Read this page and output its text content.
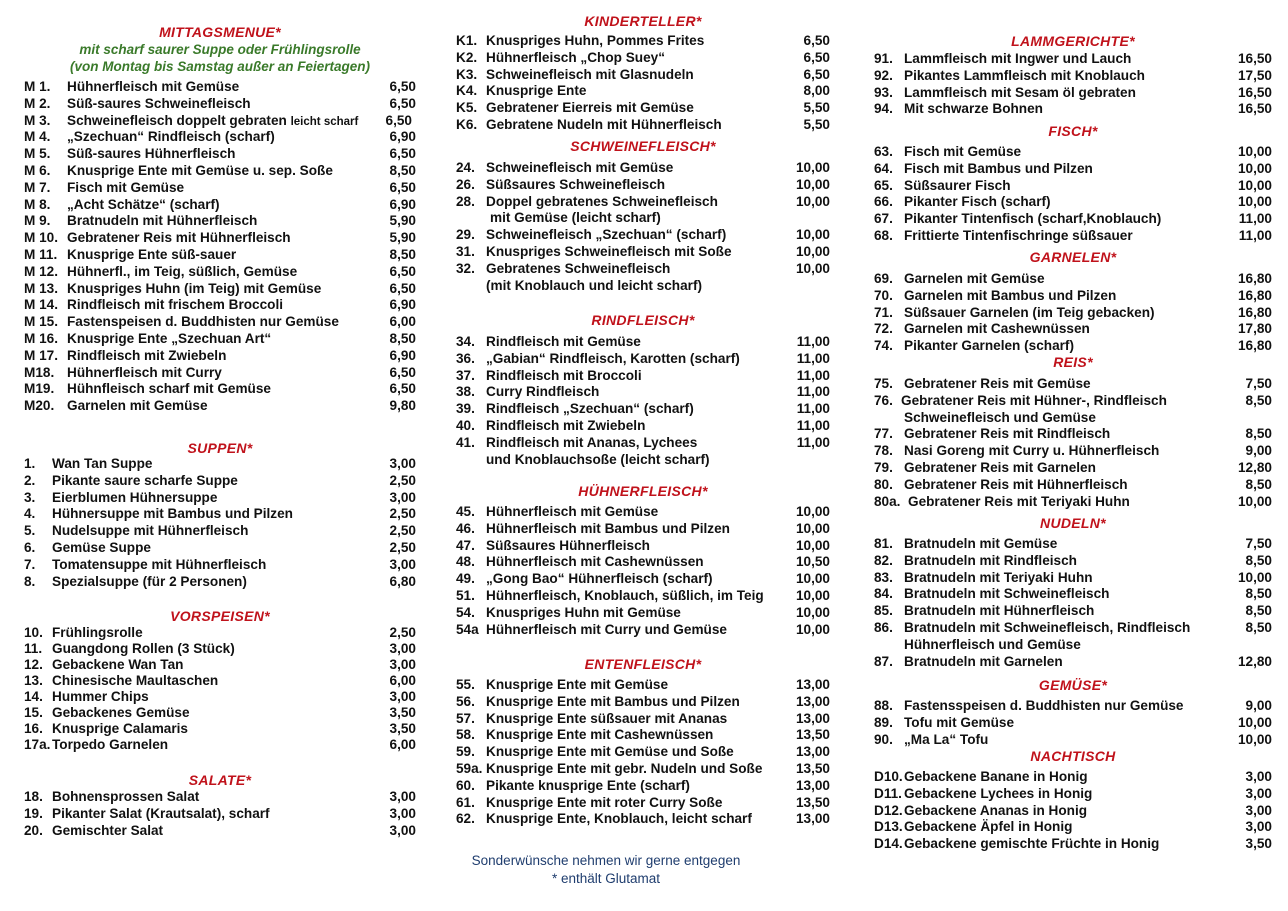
MITTAGSMENUE*
mit scharf saurer Suppe oder Frühlingsrolle
(von Montag bis Samstag außer an Feiertagen)
M 1. Hühnerfleisch mit Gemüse	6,50
M 2. Süß-saures Schweinefleisch	6,50
M 3. Schweinefleisch doppelt gebraten leicht scharf 6,50
M 4. „Szechuan“ Rindfleisch (scharf)	6,90
M 5. Süß-saures Hühnerfleisch	6,50
M 6. Knusprige Ente mit Gemüse u. sep. Soße	8,50
M 7. Fisch mit Gemüse	6,50
M 8. „Acht Schätze“ (scharf)	6,90
M 9. Bratnudeln mit Hühnerfleisch	5,90
M 10. Gebratener Reis mit Hühnerfleisch	5,90
M 11. Knusprige Ente süß-sauer	8,50
M 12. Hühnerfl., im Teig, süßlich, Gemüse	6,50
M 13. Knuspriges Huhn (im Teig) mit Gemüse	6,50
M 14. Rindfleisch mit frischem Broccoli	6,90
M 15. Fastenspeisen d. Buddhisten nur Gemüse	6,00
M 16. Knusprige Ente „Szechuan Art“	8,50
M 17. Rindfleisch mit Zwiebeln	6,90
M18. Hühnerfleisch mit Curry	6,50
M19. Hühnfleisch scharf mit Gemüse	6,50
M20. Garnelen mit Gemüse	9,80
SUPPEN*
1. Wan Tan Suppe	3,00
2. Pikante saure scharfe Suppe	2,50
3. Eierblumen Hühnersuppe	3,00
4. Hühnersuppe mit Bambus und Pilzen	2,50
5. Nudelsuppe mit Hühnerfleisch	2,50
6. Gemüse Suppe	2,50
7. Tomatensuppe mit Hühnerfleisch	3,00
8. Spezialsuppe (für 2 Personen)	6,80
VORSPEISEN*
10. Frühlingsrolle	2,50
11. Guangdong Rollen (3 Stück)	3,00
12. Gebackene Wan Tan	3,00
13. Chinesische Maultaschen	6,00
14. Hummer Chips	3,00
15. Gebackenes Gemüse	3,50
16. Knusprige Calamaris	3,50
17a. Torpedo Garnelen	6,00
SALATE*
18. Bohnensprossen Salat	3,00
19. Pikanter Salat (Krautsalat), scharf	3,00
20. Gemischter Salat	3,00
KINDERTELLER*
K1. Knuspriges Huhn, Pommes Frites	6,50
K2. Hühnerfleisch „Chop Suey“	6,50
K3. Schweinefleisch mit Glasnudeln	6,50
K4. Knusprige Ente	8,00
K5. Gebratener Eierreis mit Gemüse	5,50
K6. Gebratene Nudeln mit Hühnerfleisch	5,50
SCHWEINEFLEISCH*
24. Schweinefleisch mit Gemüse	10,00
26. Süßsaures Schweinefleisch	10,00
28. Doppel gebratenes Schweinefleisch	10,00
mit Gemüse (leicht scharf)
29. Schweinefleisch „Szechuan“ (scharf)	10,00
31. Knuspriges Schweinefleisch mit Soße	10,00
32. Gebratenes Schweinefleisch	10,00
(mit Knoblauch und leicht scharf)
RINDFLEISCH*
34. Rindfleisch mit Gemüse	11,00
36. „Gabian“ Rindfleisch, Karotten (scharf)	11,00
37. Rindfleisch mit Broccoli	11,00
38. Curry Rindfleisch	11,00
39. Rindfleisch „Szechuan“ (scharf)	11,00
40. Rindfleisch mit Zwiebeln	11,00
41. Rindfleisch mit Ananas, Lychees	11,00
und Knoblauchsoße (leicht scharf)
HÜHNERFLEISCH*
45. Hühnerfleisch mit Gemüse	10,00
46. Hühnerfleisch mit Bambus und Pilzen	10,00
47. Süßsaures Hühnerfleisch	10,00
48. Hühnerfleisch mit Cashewnüssen	10,50
49. „Gong Bao“ Hühnerfleisch (scharf)	10,00
51. Hühnerfleisch, Knoblauch, süßlich, im Teig 10,00
54. Knuspriges Huhn mit Gemüse	10,00
54a Hühnerfleisch mit Curry und Gemüse	10,00
ENTENFLEISCH*
55. Knusprige Ente mit Gemüse	13,00
56. Knusprige Ente mit Bambus und Pilzen	13,00
57. Knusprige Ente süßsauer mit Ananas	13,00
58. Knusprige Ente mit Cashewnüssen	13,50
59. Knusprige Ente mit Gemüse und Soße	13,00
59a. Knusprige Ente mit gebr. Nudeln und Soße 13,50
60. Pikante knusprige Ente (scharf)	13,00
61. Knusprige Ente mit roter Curry Soße	13,50
62. Knusprige Ente, Knoblauch, leicht scharf	13,00
LAMMGERICHTE*
91. Lammfleisch mit Ingwer und Lauch	16,50
92. Pikantes Lammfleisch mit Knoblauch	17,50
93. Lammfleisch mit Sesam öl gebraten	16,50
94. Mit schwarze Bohnen	16,50
FISCH*
63. Fisch mit Gemüse	10,00
64. Fisch mit Bambus und Pilzen	10,00
65. Süßsaurer Fisch	10,00
66. Pikanter Fisch (scharf)	10,00
67. Pikanter Tintenfisch (scharf,Knoblauch)	11,00
68. Frittierte Tintenfischringe süßsauer	11,00
GARNELEN*
69. Garnelen mit Gemüse	16,80
70. Garnelen mit Bambus und Pilzen	16,80
71. Süßsauer Garnelen (im Teig gebacken)	16,80
72. Garnelen mit Cashewnüssen	17,80
74. Pikanter Garnelen (scharf)	16,80
REIS*
75. Gebratener Reis mit Gemüse	7,50
76. Gebratener Reis mit Hühner-, Rindfleisch	8,50
Schweinefleisch und Gemüse
77. Gebratener Reis mit Rindfleisch	8,50
78. Nasi Goreng mit Curry u. Hühnerfleisch	9,00
79. Gebratener Reis mit Garnelen	12,80
80. Gebratener Reis mit Hühnerfleisch	8,50
80a. Gebratener Reis mit Teriyaki Huhn	10,00
NUDELN*
81. Bratnudeln mit Gemüse	7,50
82. Bratnudeln mit Rindfleisch	8,50
83. Bratnudeln mit Teriyaki Huhn	10,00
84. Bratnudeln mit Schweinefleisch	8,50
85. Bratnudeln mit Hühnerfleisch	8,50
86. Bratnudeln mit Schweinefleisch, Rindfleisch	8,50
Hühnerfleisch und Gemüse
87. Bratnudeln mit Garnelen	12,80
GEMÜSE*
88. Fastensspeisen d. Buddhisten nur Gemüse	9,00
89. Tofu mit Gemüse	10,00
90. „Ma La“ Tofu	10,00
NACHTISCH
D10. Gebackene Banane in Honig	3,00
D11. Gebackene Lychees in Honig	3,00
D12. Gebackene Ananas in Honig	3,00
D13. Gebackene Äpfel in Honig	3,00
D14. Gebackene gemischte Früchte in Honig	3,50
Sonderwünsche nehmen wir gerne entgegen
* enthält Glutamat
